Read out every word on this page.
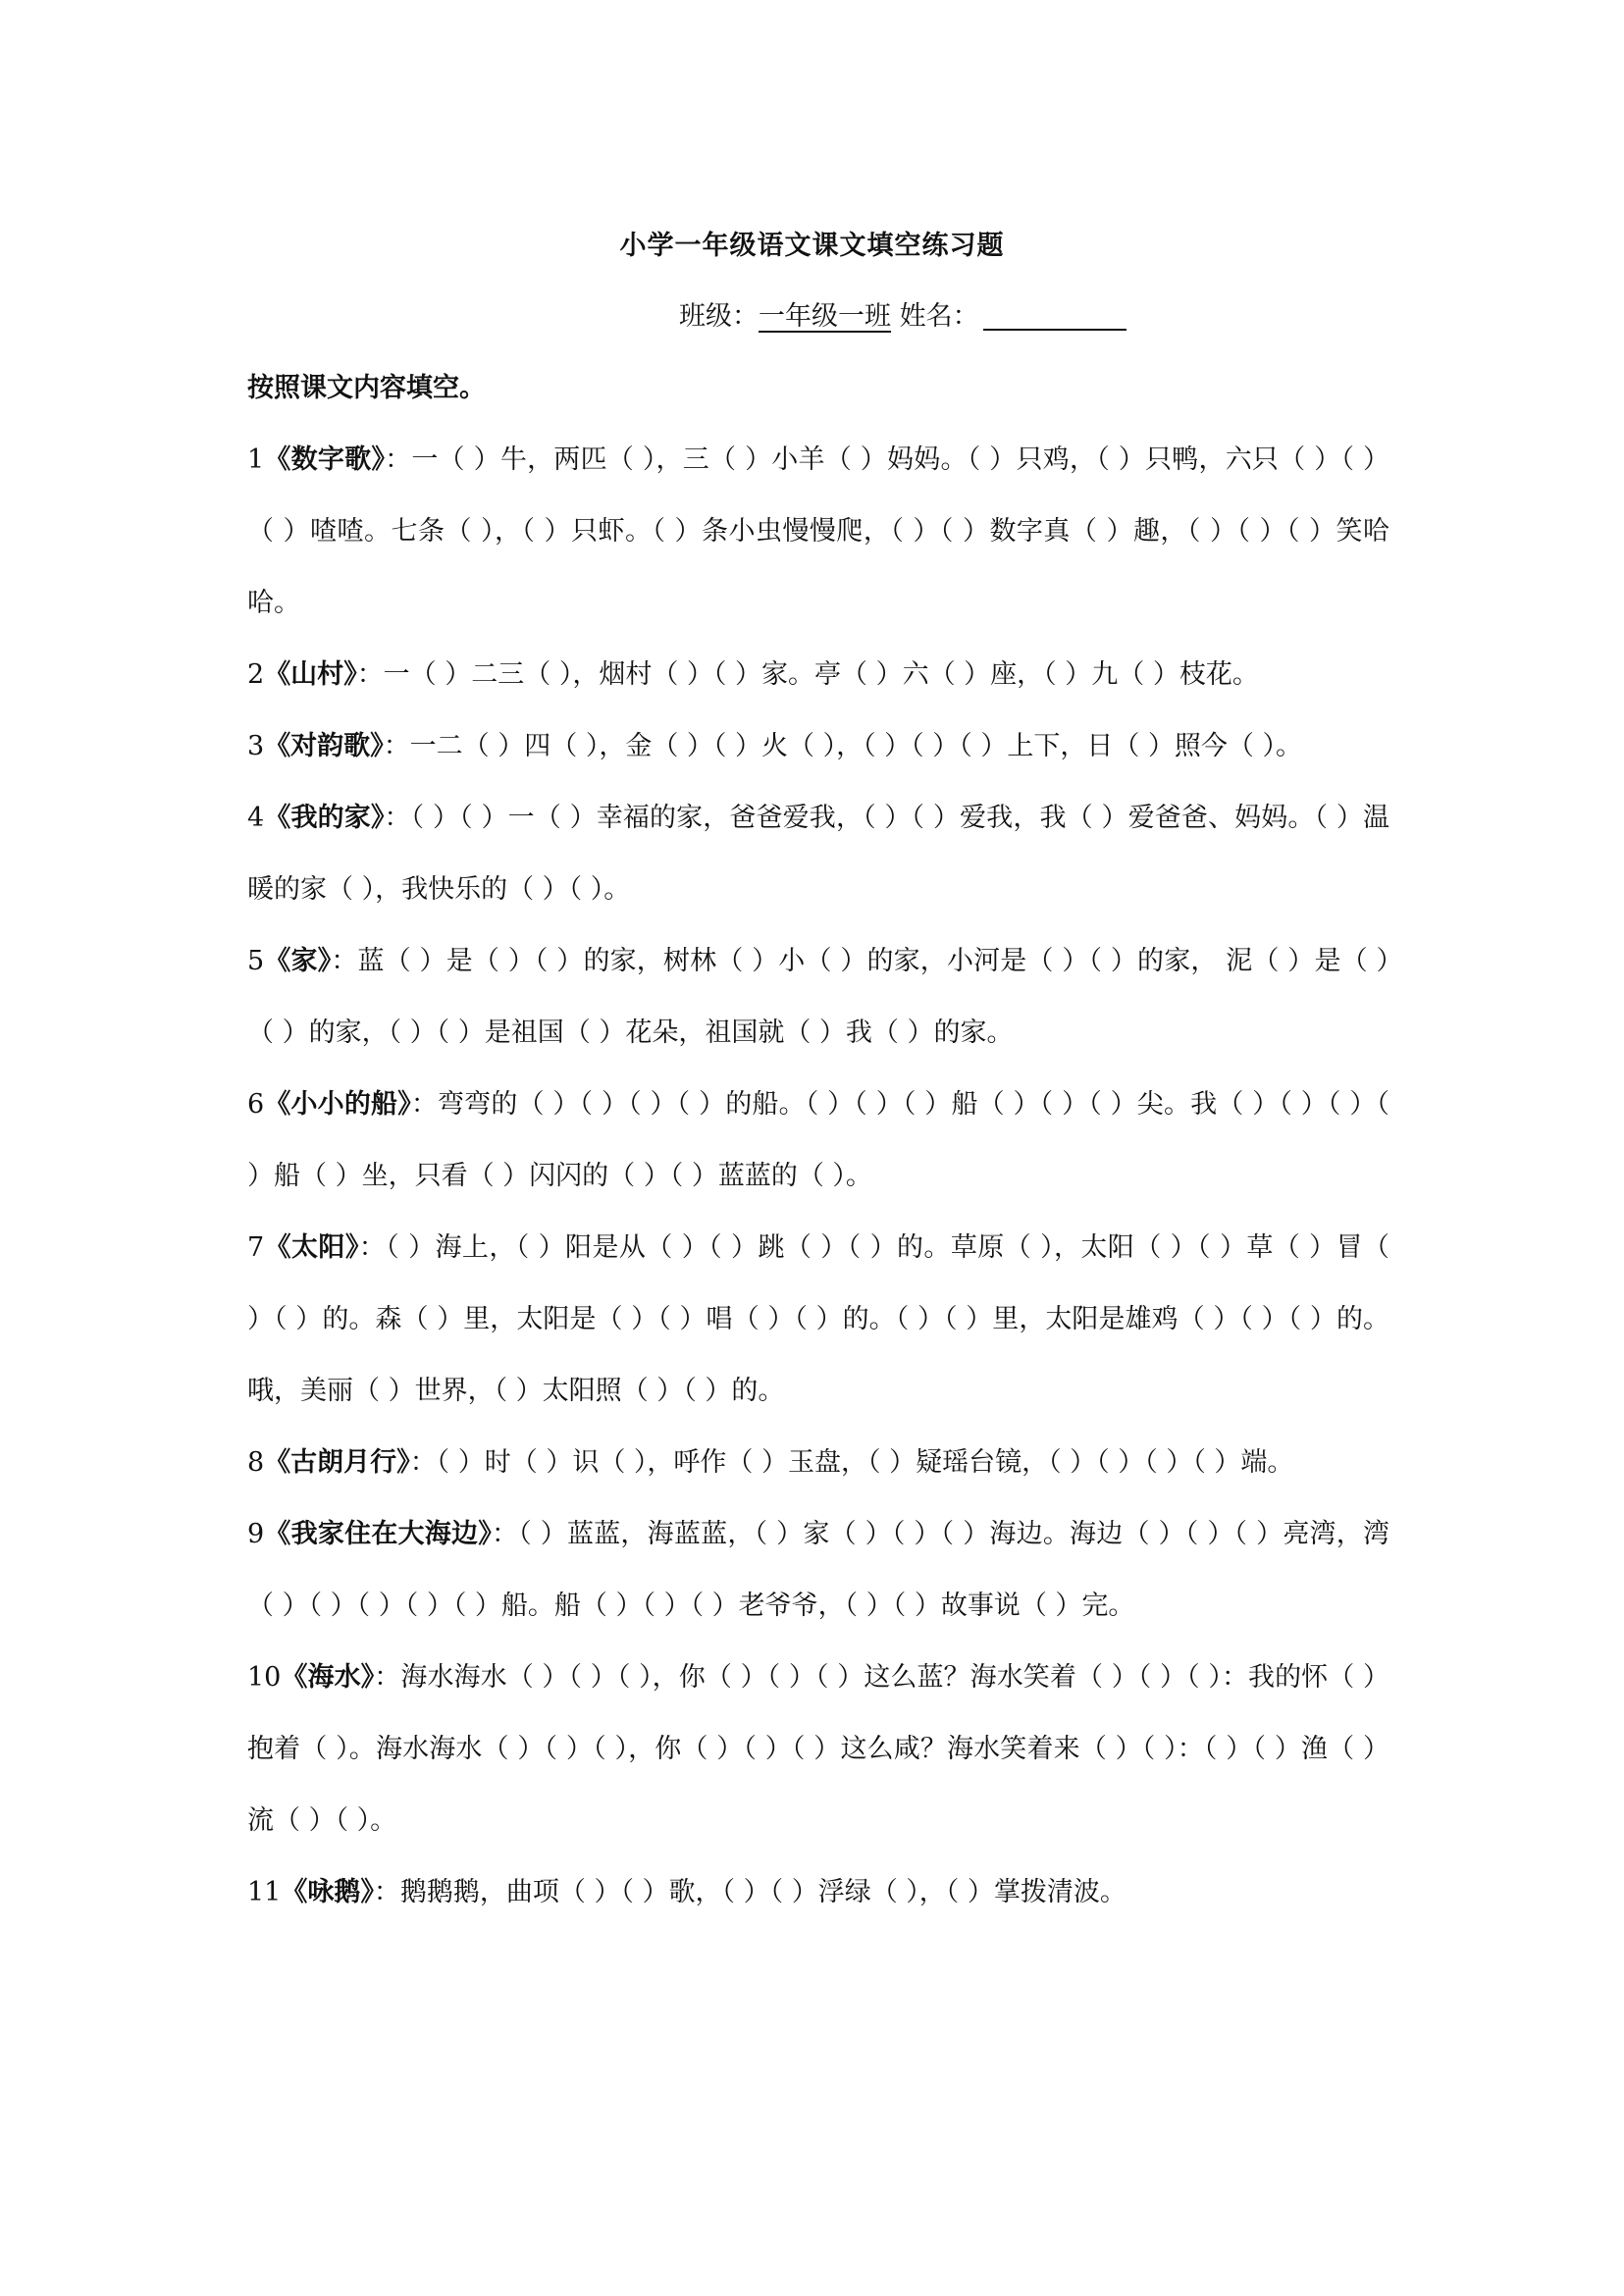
小学一年级语文课文填空练习题
班级：一年级一班 姓名：
按照课文内容填空。

1《数字歌》：一（ ）牛，两匹（ ），三（ ）小羊（ ）妈妈。（ ）只鸡，（ ）只鸭，六只（ ）（ ）（ ）喳喳。七条（ ），（ ）只虾。（ ）条小虫慢慢爬，（ ）（ ）数字真（ ）趣，（ ）（ ）（ ）笑哈哈。

2《山村》：一（ ）二三（ ），烟村（ ）（ ）家。亭（ ）六（ ）座，（ ）九（ ）枝花。

3《对韵歌》：一二（ ）四（ ），金（ ）（ ）火（ ），（ ）（ ）（ ）上下，日（ ）照今（ ）。

4《我的家》：（ ）（ ）一（ ）幸福的家，爸爸爱我，（ ）（ ）爱我，我（ ）爱爸爸、妈妈。（ ）温暖的家（ ），我快乐的（ ）（ ）。

5《家》：蓝（ ）是（ ）（ ）的家，树林（ ）小（ ）的家，小河是（ ）（ ）的家， 泥（ ）是（ ）（ ）的家，（ ）（ ）是祖国（ ）花朵，祖国就（ ）我（ ）的家。

6《小小的船》：弯弯的（ ）（ ）（ ）（ ）的船。（ ）（ ）（ ）船（ ）（ ）（ ）尖。我（ ）（ ）（ ）（ ）船（ ）坐，只看（ ）闪闪的（ ）（ ）蓝蓝的（ ）。

7《太阳》：（ ）海上，（ ）阳是从（ ）（ ）跳（ ）（ ）的。草原（ ），太阳（ ）（ ）草（ ）冒（ ）（ ）的。森（ ）里，太阳是（ ）（ ）唱（ ）（ ）的。（ ）（ ）里，太阳是雄鸡（ ）（ ）（ ）的。哦，美丽（ ）世界，（ ）太阳照（ ）（ ）的。

8《古朗月行》：（ ）时（ ）识（ ），呼作（ ）玉盘，（ ）疑瑶台镜，（ ）（ ）（ ）（ ）端。

9《我家住在大海边》：（ ）蓝蓝，海蓝蓝，（ ）家（ ）（ ）（ ）海边。海边（ ）（ ）（ ）亮湾，湾（ ）（ ）（ ）（ ）（ ）船。船（ ）（ ）（ ）老爷爷，（ ）（ ）故事说（ ）完。

10《海水》：海水海水（ ）（ ）（ ），你（ ）（ ）（ ）这么蓝？海水笑着（ ）（ ）（ ）：我的怀（ ）抱着（ ）。海水海水（ ）（ ）（ ），你（ ）（ ）（ ）这么咸？海水笑着来（ ）（ ）：（ ）（ ）渔（ ）流（ ）（ ）。

11《咏鹅》：鹅鹅鹅，曲项（ ）（ ）歌，（ ）（ ）浮绿（ ），（ ）掌拨清波。
